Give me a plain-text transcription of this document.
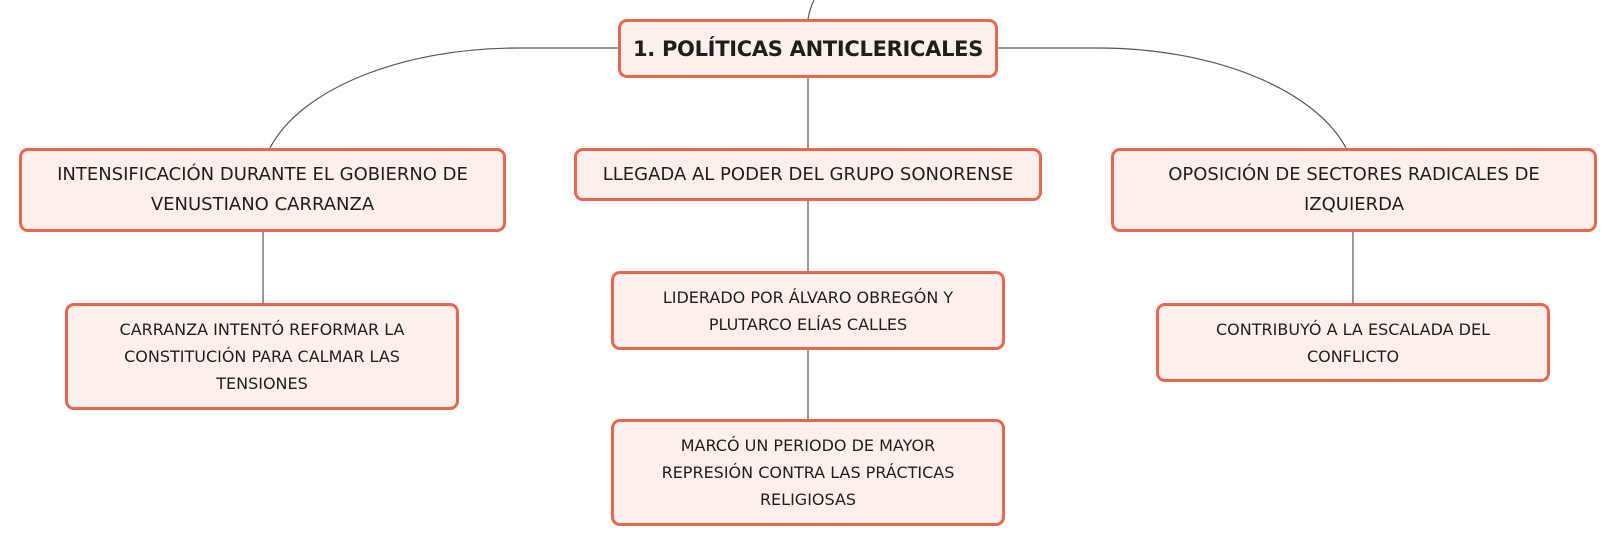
1. POLÍTICAS ANTICLERICALES
INTENSIFICACIÓN DURANTE EL GOBIERNO DE VENUSTIANO CARRANZA
LLEGADA AL PODER DEL GRUPO SONORENSE	OPOSICIÓN DE SECTORES RADICALES DE IZQUIERDA
CARRANZA INTENTÓ REFORMAR LA CONSTITUCIÓN PARA CALMAR LAS TENSIONES
LIDERADO POR ÁLVARO OBREGÓN Y PLUTARCO ELÍAS CALLES
MARCÓ UN PERIODO DE MAYOR REPRESIÓN CONTRA LAS PRÁCTICAS RELIGIOSAS
CONTRIBUYÓ A LA ESCALADA DEL CONFLICTO
